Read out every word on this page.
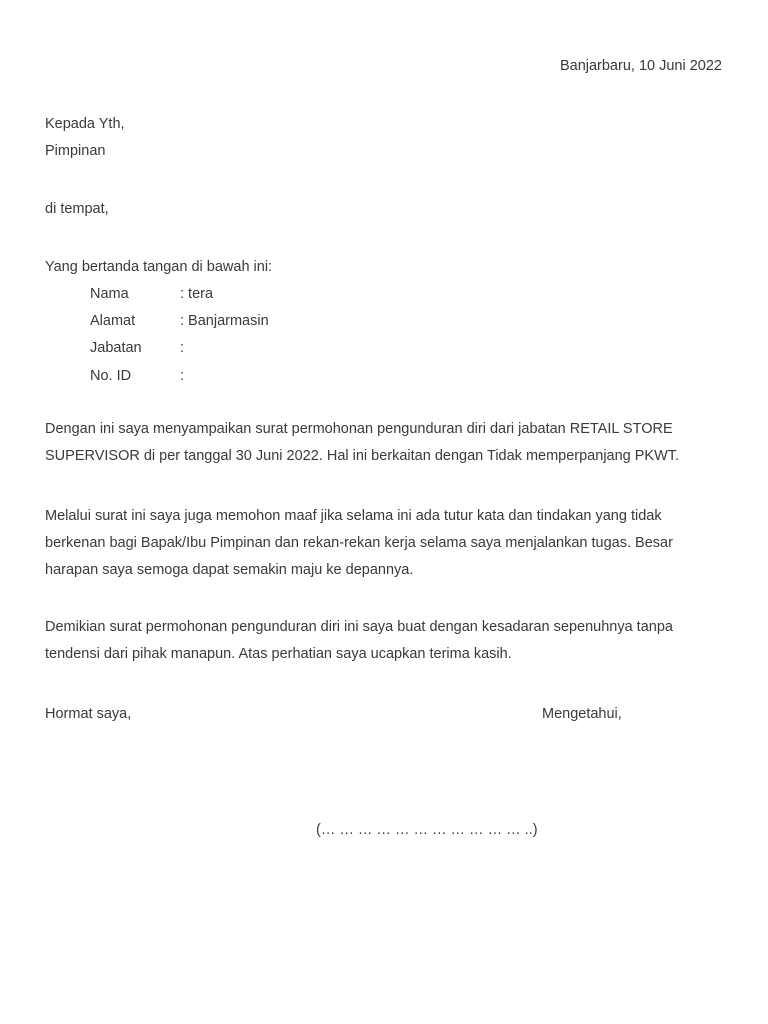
Banjarbaru, 10 Juni 2022
Kepada Yth,
Pimpinan
di tempat,
Yang bertanda tangan di bawah ini:
Nama	: tera
Alamat	: Banjarmasin
Jabatan	:
No. ID	:
Dengan ini saya menyampaikan surat permohonan pengunduran diri dari jabatan RETAIL STORE
SUPERVISOR di per tanggal 30 Juni 2022. Hal ini berkaitan dengan Tidak memperpanjang PKWT.
Melalui surat ini saya juga memohon maaf jika selama ini ada tutur kata dan tindakan yang tidak
berkenan bagi Bapak/Ibu Pimpinan dan rekan-rekan kerja selama saya menjalankan tugas. Besar
harapan saya semoga dapat semakin maju ke depannya.
Demikian surat permohonan pengunduran diri ini saya buat dengan kesadaran sepenuhnya tanpa
tendensi dari pihak manapun. Atas perhatian saya ucapkan terima kasih.
Hormat saya,	Mengetahui,
(… … … … … … … … … … … ..)
